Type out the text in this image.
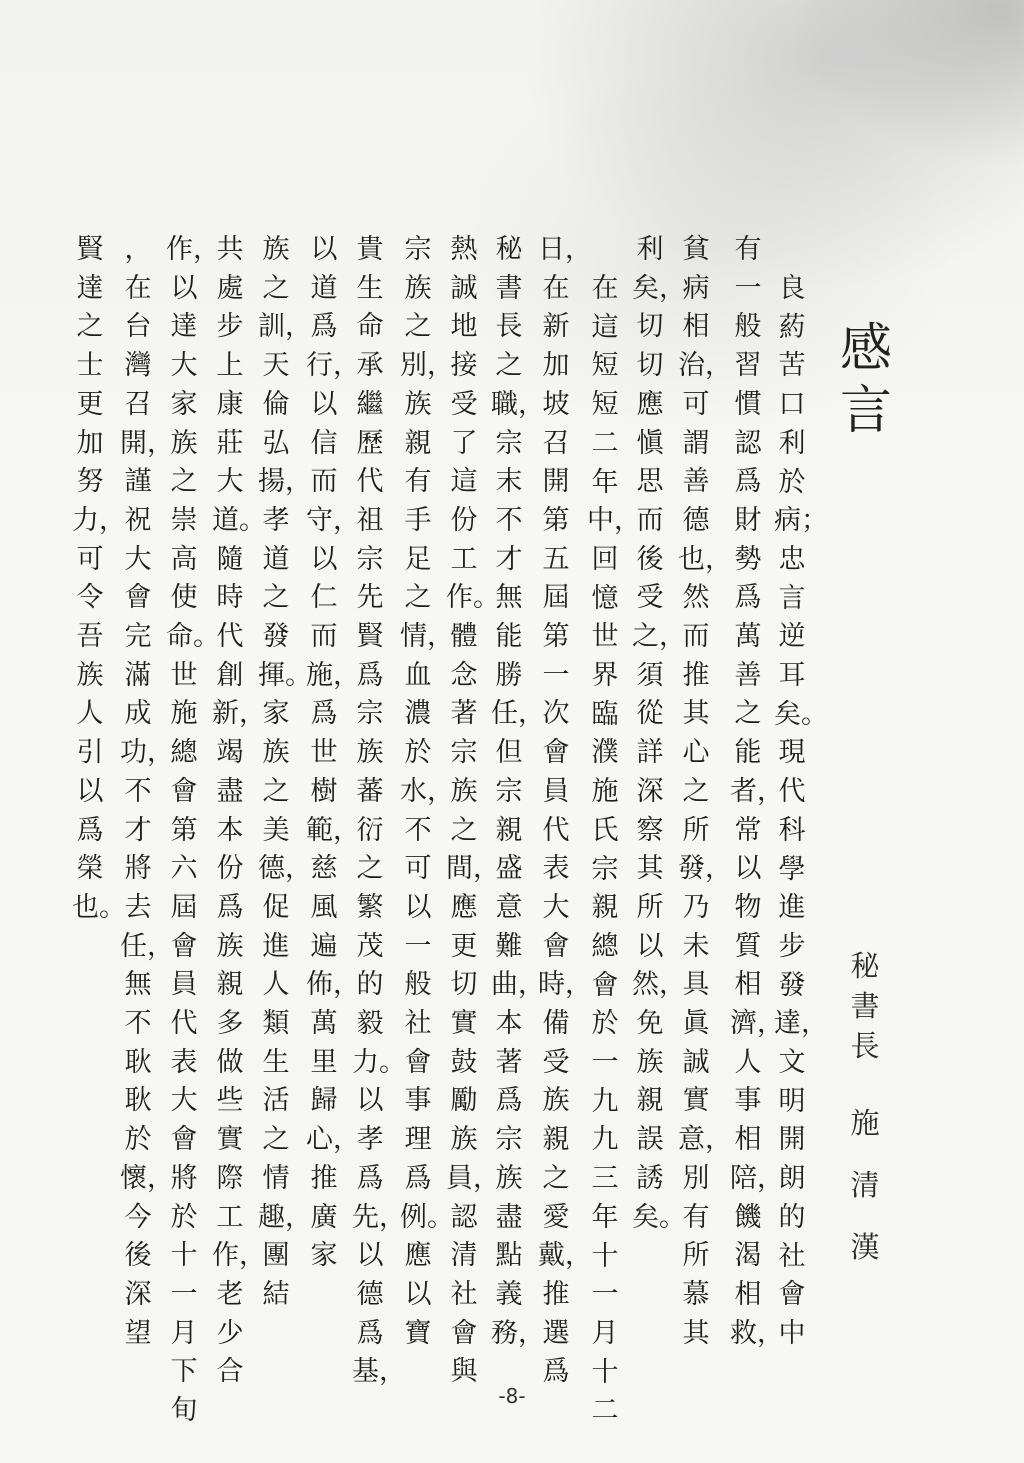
感言
良葯苦口利於病；忠言逆耳矣。現代科學進步發達，文明開朗的社會中
有一般習慣認爲財勢爲萬善之能者，常以物質相濟，人事相陪，饑渴相救，
貧病相治，可謂善德也，然而推其心之所發，乃未具眞誠實意，別有所慕其
利矣，切切應愼思而後受之，須從詳深察其所以然，免族親誤誘矣。
在這短短二年中，回憶世界臨濮施氏宗親總會於一九九三年十一月十二
日，在新加坡召開第五屆第一次會員代表大會時，備受族親之愛戴，推選爲
秘書長之職，宗末不才無能勝任，但宗親盛意難曲，本著爲宗族盡點義務，
熱誠地接受了這份工作。體念著宗族之間，應更切實鼓勵族員，認清社會與
宗族之別，族親有手足之情，血濃於水，不可以一般社會事理爲例。應以寶
貴生命承繼歷代祖宗先賢爲宗族蕃衍之繁茂的毅力。以孝爲先，以德爲基，
以道爲行，以信而守，以仁而施，爲世樹範，慈風遍佈，萬里歸心，推廣家
族之訓，天倫弘揚，孝道之發揮。家族之美德，促進人類生活之情趣，團結
共處步上康莊大道。隨時代創新，竭盡本份爲族親多做些實際工作，老少合
作，以達大家族之崇高使命。世施總會第六屆會員代表大會將於十一月下旬
，在台灣召開，謹祝大會完滿成功，不才將去任，無不耿耿於懷，今後深望
賢達之士更加努力，可令吾族人引以爲榮也。
秘書長
施清漢
-8-
